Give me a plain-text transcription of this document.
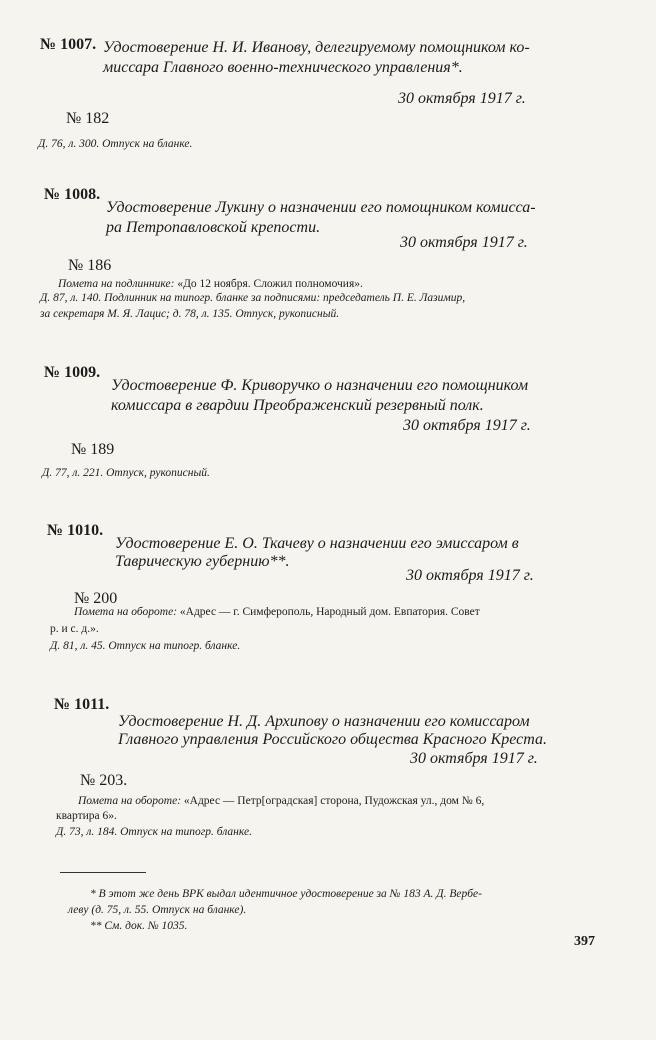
№ 1007. Удостоверение Н. И. Иванову, делегируемому помощником ко-
миссара Главного военно-технического управления*.
30 октября 1917 г.
№ 182
Д. 76, л. 300. Отпуск на бланке.
№ 1008.
Удостоверение Лукину о назначении его помощником комисса-
ра Петропавловской крепости.
30 октября 1917 г.
№ 186
Помета на подлиннике: «До 12 ноября. Сложил полномочия».
Д. 87, л. 140. Подлинник на типогр. бланке за подписями: председатель П. Е. Лазимир,
за секретаря М. Я. Лацис; д. 78, л. 135. Отпуск, рукописный.
№ 1009.
Удостоверение Ф. Криворучко о назначении его помощником
комиссара в гвардии Преображенский резервный полк.
30 октября 1917 г.
№ 189
Д. 77, л. 221. Отпуск, рукописный.
№ 1010.
Удостоверение Е. О. Ткачеву о назначении его эмиссаром в
Таврическую губернию**.
30 октября 1917 г.
№ 200
Помета на обороте: «Адрес — г. Симферополь, Народный дом. Евпатория. Совет
р. и с. д.».
Д. 81, л. 45. Отпуск на типогр. бланке.
№ 1011.
Удостоверение Н. Д. Архипову о назначении его комиссаром
Главного управления Российского общества Красного Креста.
30 октября 1917 г.
№ 203.
Помета на обороте: «Адрес — Петр[оградская] сторона, Пудожская ул., дом № 6,
квартира 6».
Д. 73, л. 184. Отпуск на типогр. бланке.
* В этот же день ВРК выдал идентичное удостоверение за № 183 А. Д. Вербе-
леву (д. 75, л. 55. Отпуск на бланке).
** См. док. № 1035.
397
